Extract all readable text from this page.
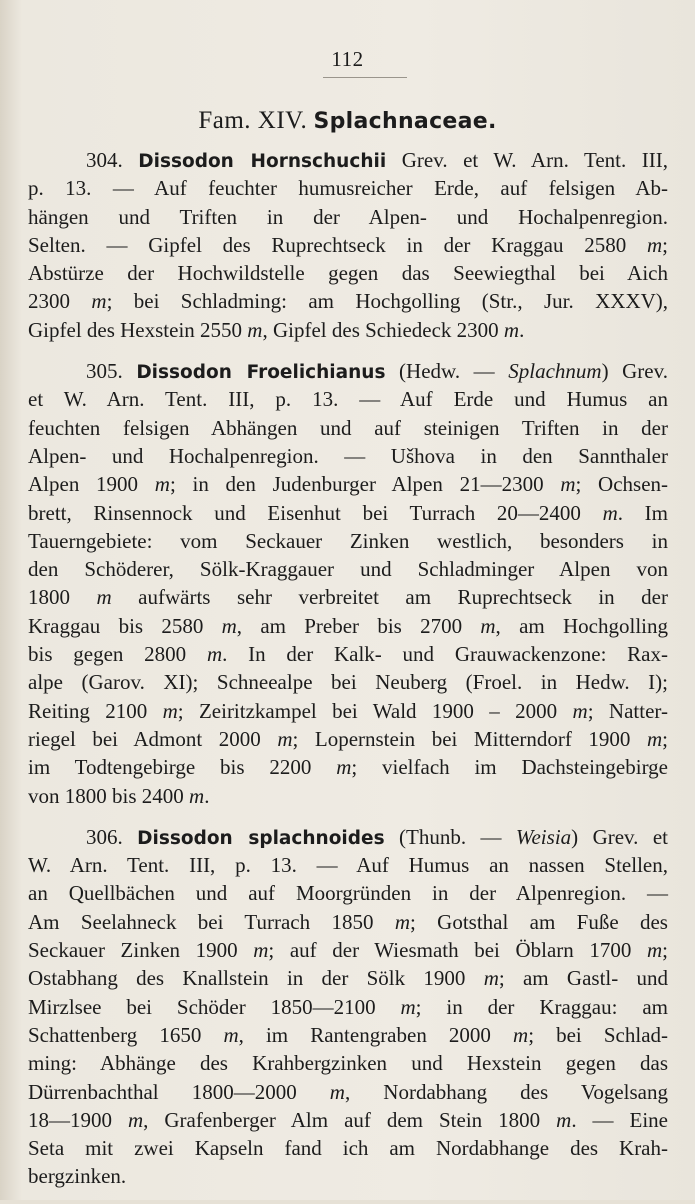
112
Fam. XIV. Splachnaceae.
304. Dissodon Hornschuchii Grev. et W. Arn. Tent. III,
p. 13. — Auf feuchter humusreicher Erde, auf felsigen Ab-
hängen und Triften in der Alpen- und Hochalpenregion.
Selten. — Gipfel des Ruprechtseck in der Kraggau 2580 m;
Abstürze der Hochwildstelle gegen das Seewiegthal bei Aich
2300 m; bei Schladming: am Hochgolling (Str., Jur. XXXV),
Gipfel des Hexstein 2550 m, Gipfel des Schiedeck 2300 m.
305. Dissodon Froelichianus (Hedw. — Splachnum) Grev.
et W. Arn. Tent. III, p. 13. — Auf Erde und Humus an
feuchten felsigen Abhängen und auf steinigen Triften in der
Alpen- und Hochalpenregion. — Ušhova in den Sannthaler
Alpen 1900 m; in den Judenburger Alpen 21—2300 m; Ochsen-
brett, Rinsennock und Eisenhut bei Turrach 20—2400 m. Im
Tauerngebiete: vom Seckauer Zinken westlich, besonders in
den Schöderer, Sölk-Kraggauer und Schladminger Alpen von
1800 m aufwärts sehr verbreitet am Ruprechtseck in der
Kraggau bis 2580 m, am Preber bis 2700 m, am Hochgolling
bis gegen 2800 m. In der Kalk- und Grauwackenzone: Rax-
alpe (Garov. XI); Schneealpe bei Neuberg (Froel. in Hedw. I);
Reiting 2100 m; Zeiritzkampel bei Wald 1900 – 2000 m; Natter-
riegel bei Admont 2000 m; Lopernstein bei Mitterndorf 1900 m;
im Todtengebirge bis 2200 m; vielfach im Dachsteingebirge
von 1800 bis 2400 m.
306. Dissodon splachnoides (Thunb. — Weisia) Grev. et
W. Arn. Tent. III, p. 13. — Auf Humus an nassen Stellen,
an Quellbächen und auf Moorgründen in der Alpenregion. —
Am Seelahneck bei Turrach 1850 m; Gotsthal am Fuße des
Seckauer Zinken 1900 m; auf der Wiesmath bei Öblarn 1700 m;
Ostabhang des Knallstein in der Sölk 1900 m; am Gastl- und
Mirzlsee bei Schöder 1850—2100 m; in der Kraggau: am
Schattenberg 1650 m, im Rantengraben 2000 m; bei Schlad-
ming: Abhänge des Krahbergzinken und Hexstein gegen das
Dürrenbachthal 1800—2000 m, Nordabhang des Vogelsang
18—1900 m, Grafenberger Alm auf dem Stein 1800 m. — Eine
Seta mit zwei Kapseln fand ich am Nordabhange des Krah-
bergzinken.
